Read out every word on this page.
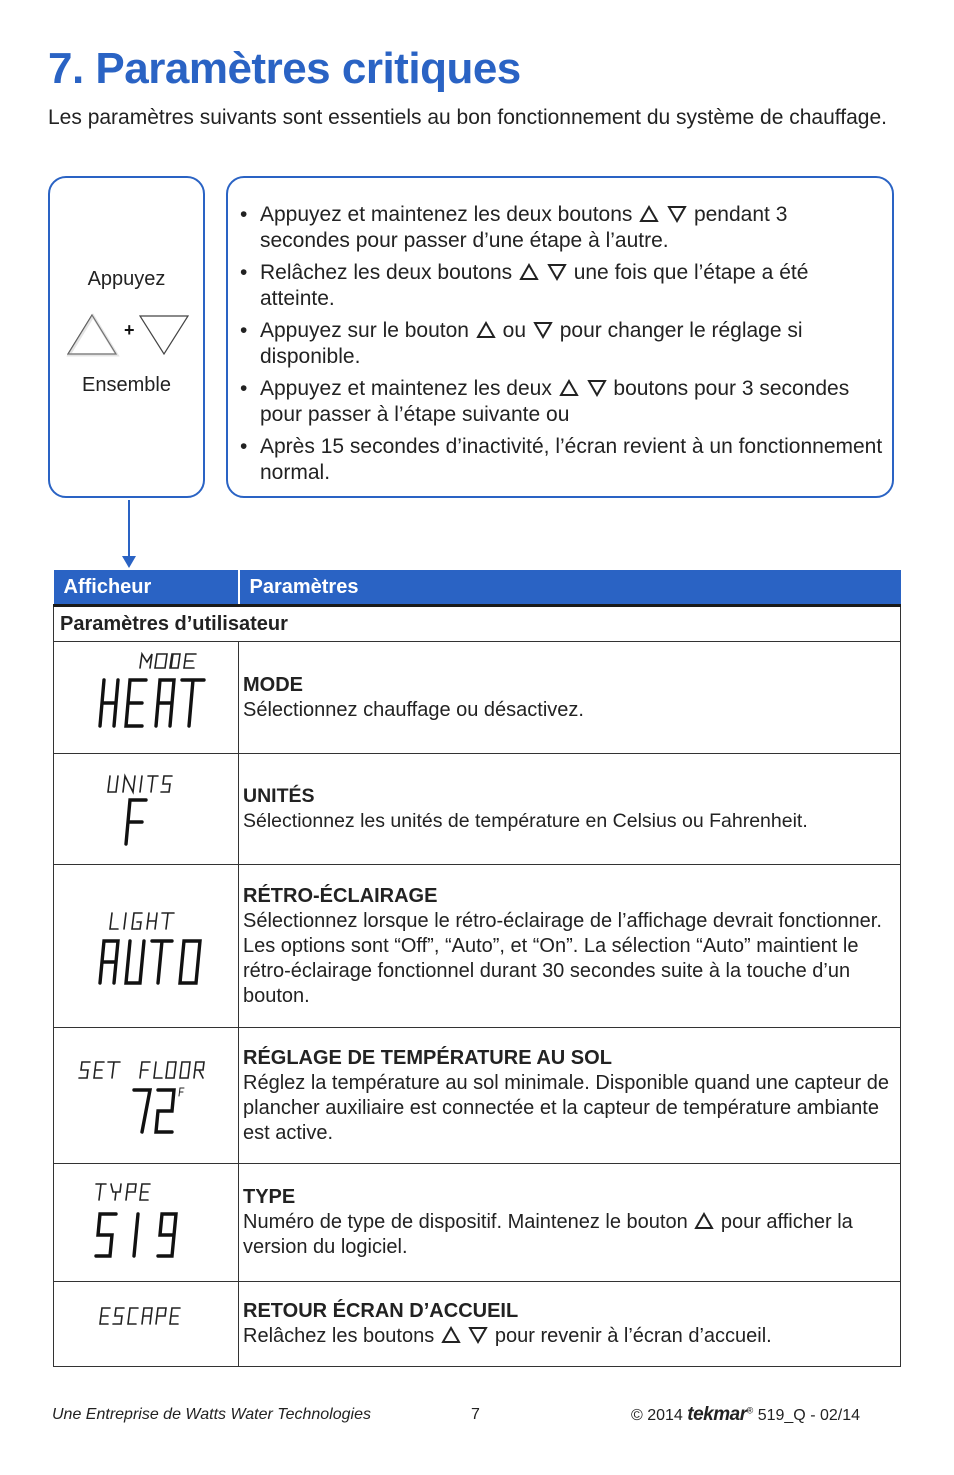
7. Paramètres critiques
Les paramètres suivants sont essentiels au bon fonctionnement du système de chauffage.
Appuyez
+
Ensemble
• Appuyez et maintenez les deux boutons	pendant 3 secondes pour passer d’une étape à l’autre.
• Relâchez les deux boutons	une fois que l’étape a été atteinte.
• Appuyez sur le bouton ou pour changer le réglage si disponible.
• Appuyez et maintenez les deux	boutons pour 3 secondes pour passer à l’étape suivante ou
• Après 15 secondes d’inactivité, l’écran revient à un fonctionnement normal.
Afficheur	Paramètres
Paramètres d’utilisateur	

MODE
Sélectionnez chauffage ou désactivez.

UNITÉS
Sélectionnez les unités de température en Celsius ou Fahrenheit.

RÉTRO-ÉCLAIRAGE
Sélectionnez lorsque le rétro-éclairage de l’affichage devrait fonctionner. Les options sont “Off”, “Auto”, et “On”. La sélection “Auto” maintient le rétro-éclairage fonctionnel durant 30 secondes suite à la touche d’un bouton.

RÉGLAGE DE TEMPÉRATURE AU SOL
Réglez la température au sol minimale. Disponible quand une capteur de plancher auxiliaire est connectée et la capteur de température ambiante est active.

TYPE
Numéro de type de dispositif. Maintenez le bouton pour afficher la version du logiciel.

RETOUR ÉCRAN D’ACCUEIL
Relâchez les boutons pour revenir à l’écran d’accueil.
Une Entreprise de Watts Water Technologies	7	© 2014 tekmar® 519_Q - 02/14
